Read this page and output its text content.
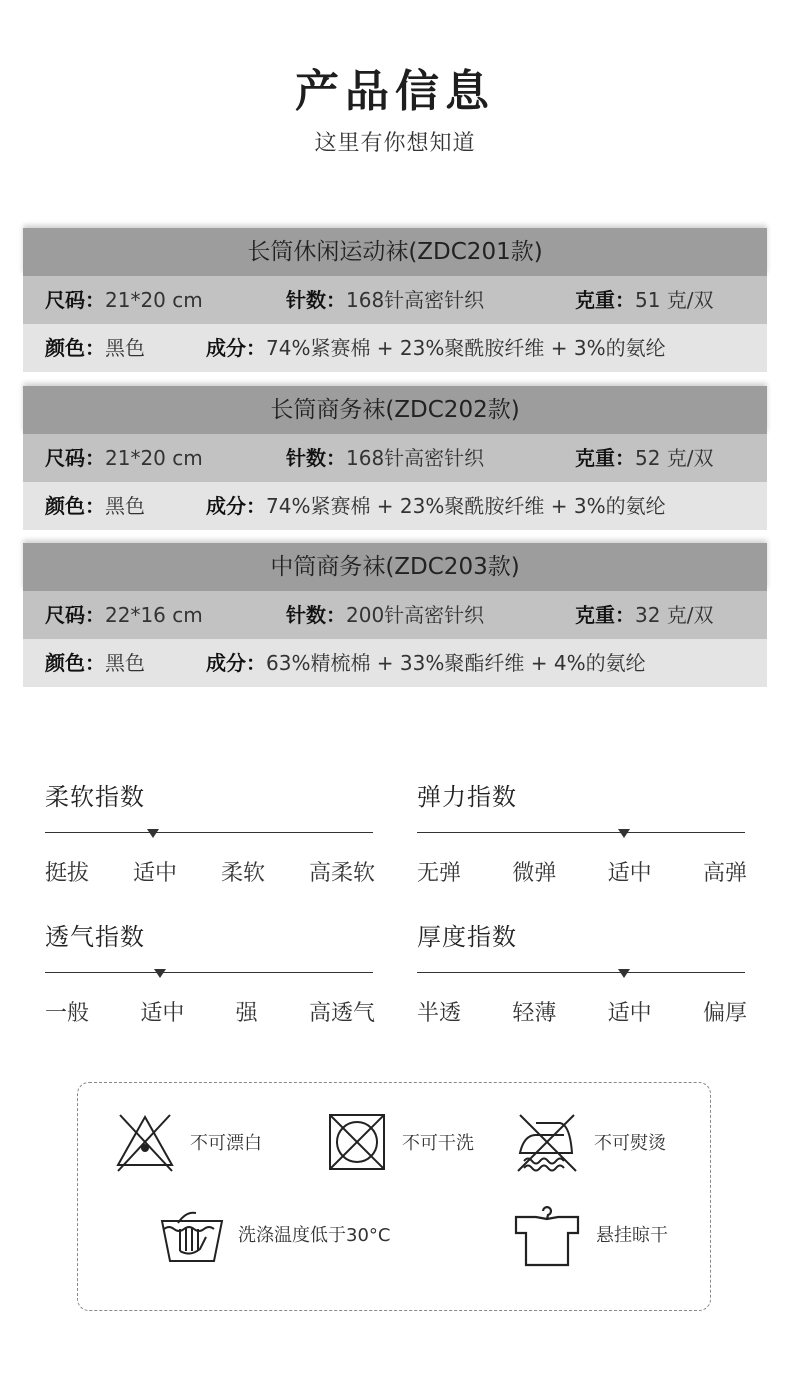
产品信息
这里有你想知道
长筒休闲运动袜(ZDC201款)
尺码：21*20 cm	针数：168针高密针织	克重：51 克/双
颜色：黑色	成分：74%紧赛棉 + 23%聚酰胺纤维 + 3%的氨纶
长筒商务袜(ZDC202款)
尺码：21*20 cm	针数：168针高密针织	克重：52 克/双
颜色：黑色	成分：74%紧赛棉 + 23%聚酰胺纤维 + 3%的氨纶
中筒商务袜(ZDC203款)
尺码：22*16 cm	针数：200针高密针织	克重：32 克/双
颜色：黑色	成分：63%精梳棉 + 33%聚酯纤维 + 4%的氨纶
柔软指数
挺拔 适中 柔软 高柔软
弹力指数
无弹 微弹 适中 高弹
透气指数
一般 适中 强 高透气
厚度指数
半透 轻薄 适中 偏厚
不可漂白	不可干洗	不可熨烫
洗涤温度低于30°C	悬挂晾干
